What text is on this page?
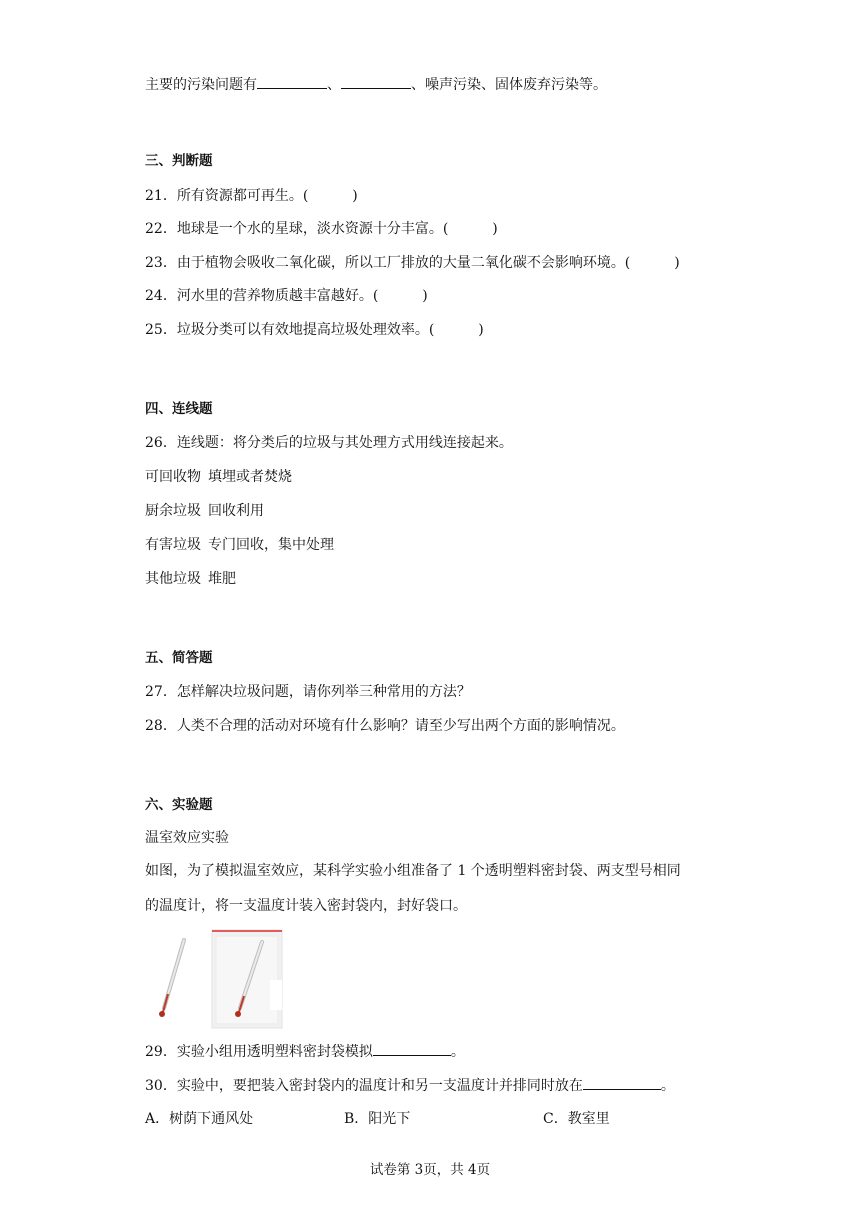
主要的污染问题有	、	、噪声污染、固体废弃污染等。
三、判断题
21．所有资源都可再生。(	)
22．地球是一个水的星球，淡水资源十分丰富。(	)
23．由于植物会吸收二氧化碳，所以工厂排放的大量二氧化碳不会影响环境。(	)
24．河水里的营养物质越丰富越好。(	)
25．垃圾分类可以有效地提高垃圾处理效率。(	)
四、连线题
26．连线题：将分类后的垃圾与其处理方式用线连接起来。
可回收物 填埋或者焚烧
厨余垃圾 回收利用
有害垃圾 专门回收，集中处理
其他垃圾 堆肥
五、简答题
27．怎样解决垃圾问题，请你列举三种常用的方法？
28．人类不合理的活动对环境有什么影响？请至少写出两个方面的影响情况。
六、实验题
温室效应实验
如图，为了模拟温室效应，某科学实验小组准备了 1 个透明塑料密封袋、两支型号相同
的温度计，将一支温度计装入密封袋内，封好袋口。
29．实验小组用透明塑料密封袋模拟	。
30．实验中，要把装入密封袋内的温度计和另一支温度计并排同时放在	。
A．树荫下通风处	B．阳光下	C．教室里
试卷第 3页，共 4页
